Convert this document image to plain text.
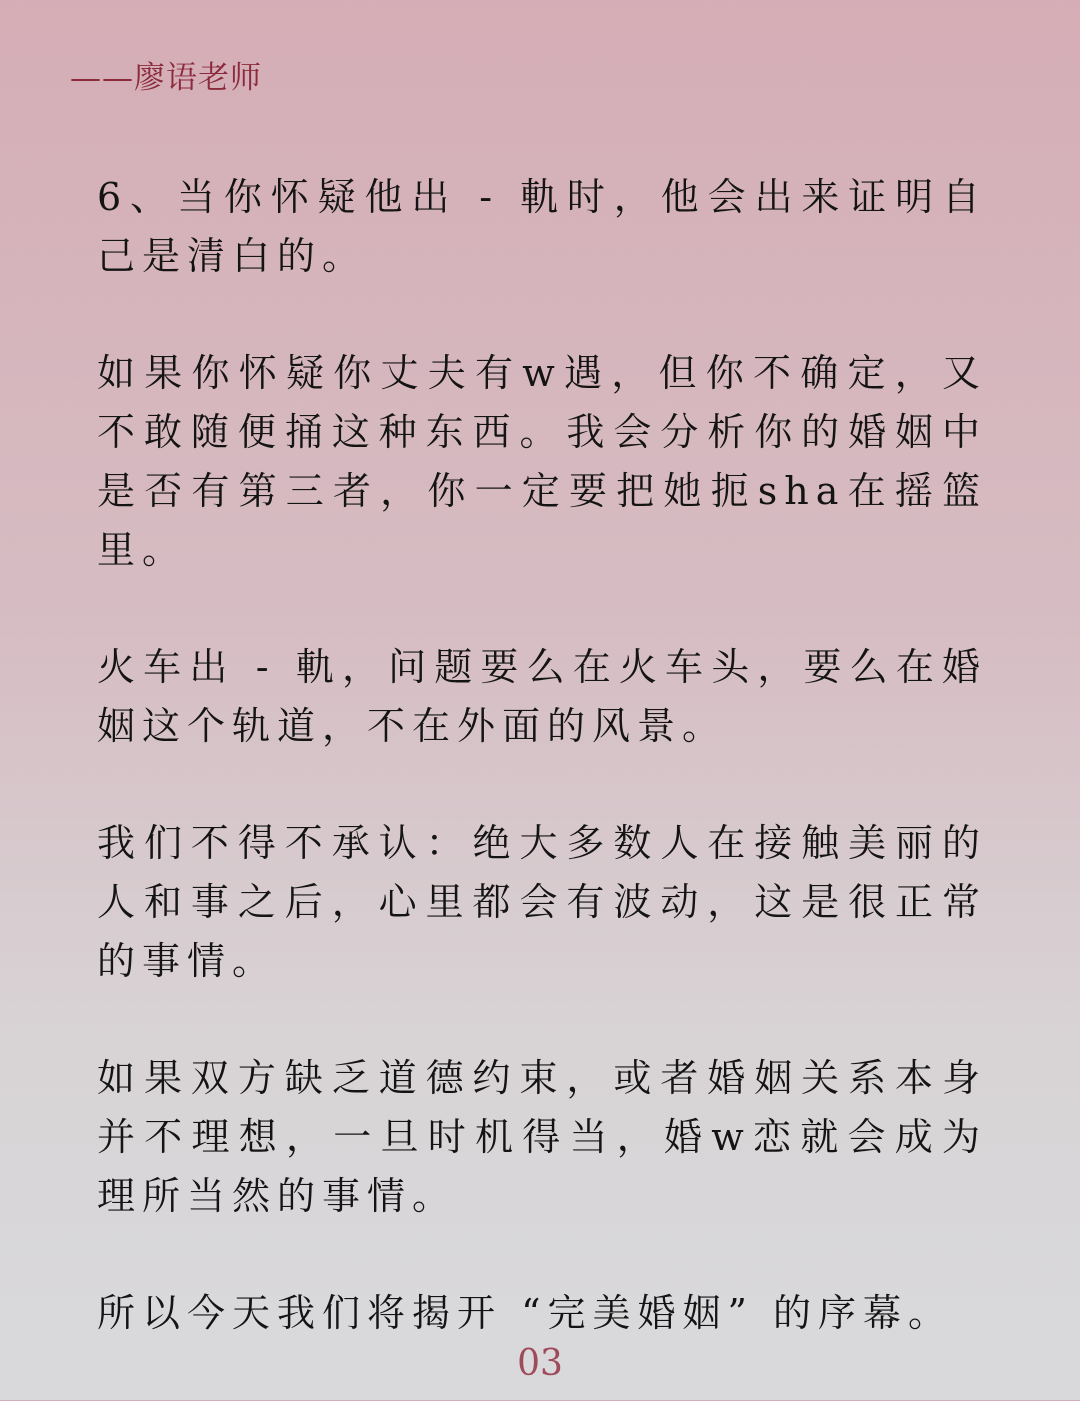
——廖语老师

6、当你怀疑他出 - 軌时，他会出来证明自己是清白的。

如果你怀疑你丈夫有w遇，但你不确定，又不敢随便捅这种东西。我会分析你的婚姻中是否有第三者，你一定要把她扼sha在摇篮里。

火车出 - 軌，问题要么在火车头，要么在婚姻这个轨道，不在外面的风景。

我们不得不承认：绝大多数人在接触美丽的人和事之后，心里都会有波动，这是很正常的事情。

如果双方缺乏道德约束，或者婚姻关系本身并不理想，一旦时机得当，婚w恋就会成为理所当然的事情。

所以今天我们将揭开 “完美婚姻” 的序幕。

03
